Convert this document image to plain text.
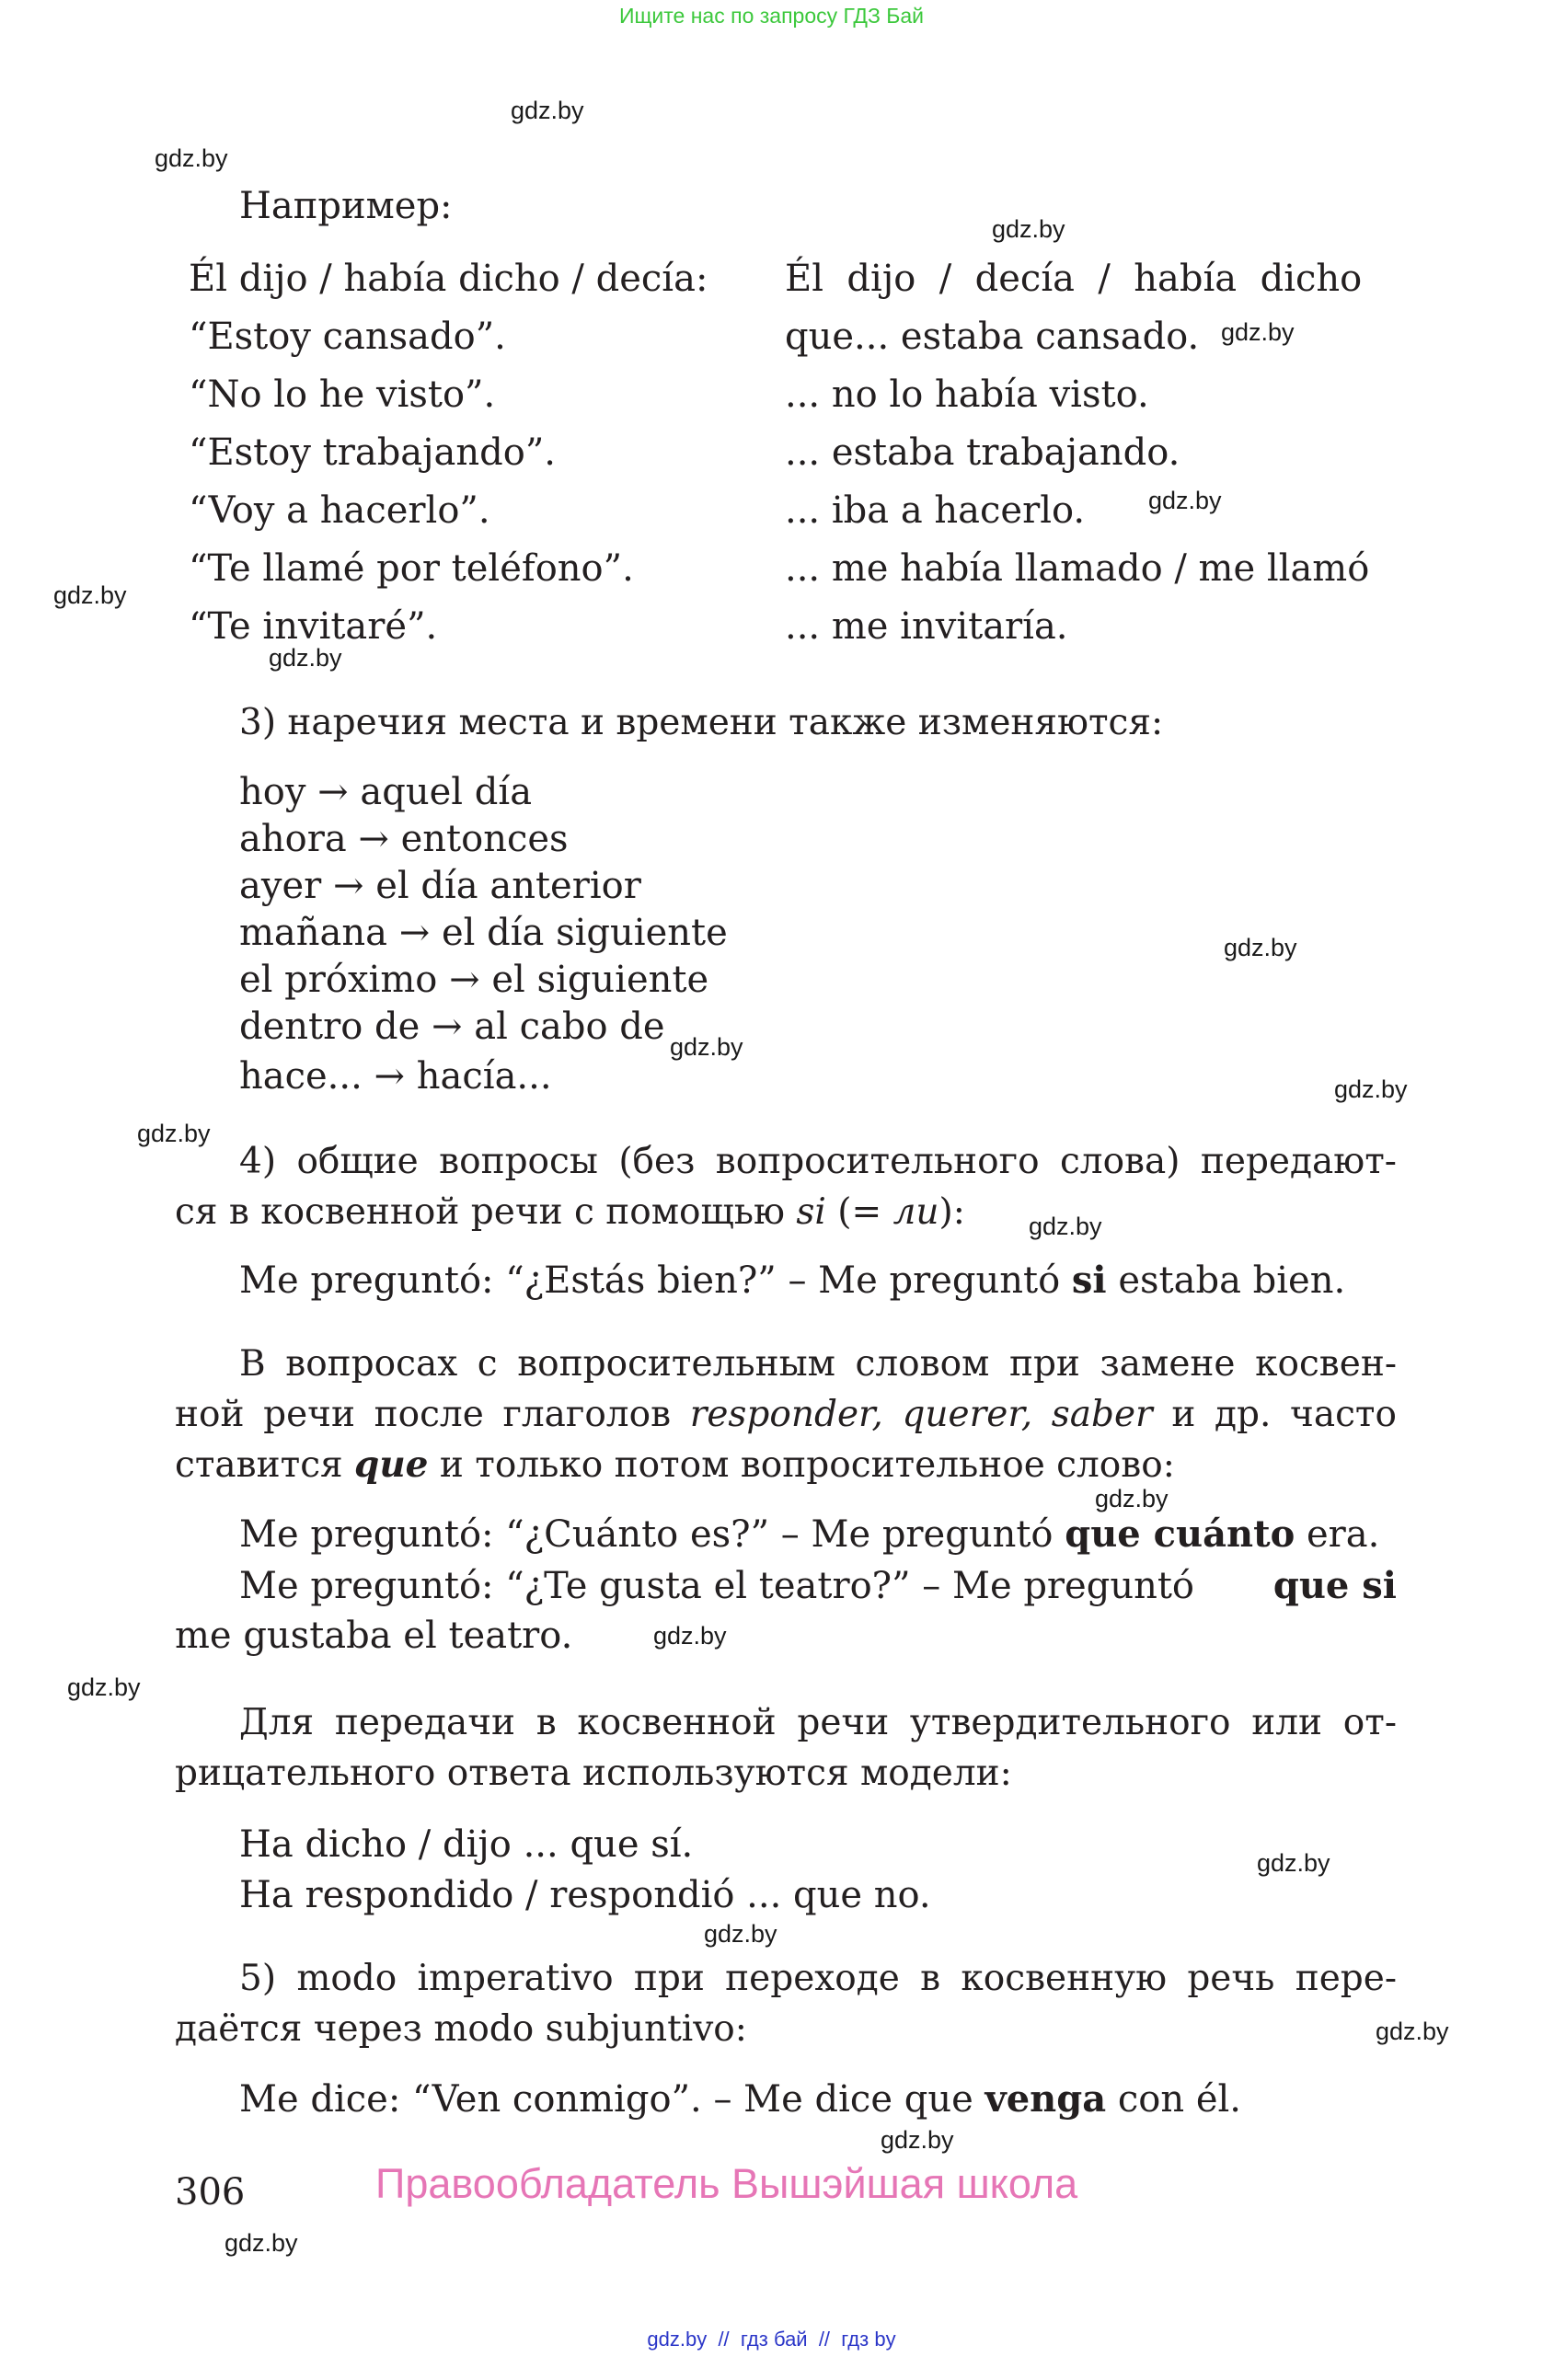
Ищите нас по запросу ГДЗ Бай
Например:
Él dijo / había dicho / decía:
“Estoy cansado”.
“No lo he visto”.
“Estoy trabajando”.
“Voy a hacerlo”.
“Te llamé por teléfono”.
“Te invitaré”.
Él  dijo  /  decía  /  había  dicho
que... estaba cansado.
... no lo había visto.
... estaba trabajando.
... iba a hacerlo.
... me había llamado / me llamó
... me invitaría.
3) наречия места и времени также изменяются:
hoy → aquel día
ahora → entonces
ayer → el día anterior
mañana → el día siguiente
el próximo → el siguiente
dentro de → al cabo de
hace... → hacía...
4) общие вопросы (без вопросительного слова) передают-
ся в косвенной речи с помощью si (= ли):
Me preguntó: “¿Estás bien?” – Me preguntó si estaba bien.
В вопросах с вопросительным словом при замене косвен-
ной речи после глаголов responder, querer, saber и др. часто
ставится que и только потом вопросительное слово:
Me preguntó: “¿Cuánto es?” – Me preguntó que cuánto era.
Me preguntó: “¿Te gusta el teatro?” – Me preguntó que si
me gustaba el teatro.
Для передачи в косвенной речи утвердительного или от-
рицательного ответа используются модели:
Ha dicho / dijo ... que sí.
Ha respondido / respondió ... que no.
5) modo imperativo при переходе в косвенную речь пере-
даётся через modo subjuntivo:
Me dice: “Ven conmigo”. – Me dice que venga con él.
306	Правообладатель Вышэйшая школа
gdz.by  //  гдз бай  //  гдз by
gdz.by
gdz.by
gdz.by
gdz.by
gdz.by
gdz.by
gdz.by
gdz.by
gdz.by
gdz.by
gdz.by
gdz.by
gdz.by
gdz.by
gdz.by
gdz.by
gdz.by
gdz.by
gdz.by
gdz.by
